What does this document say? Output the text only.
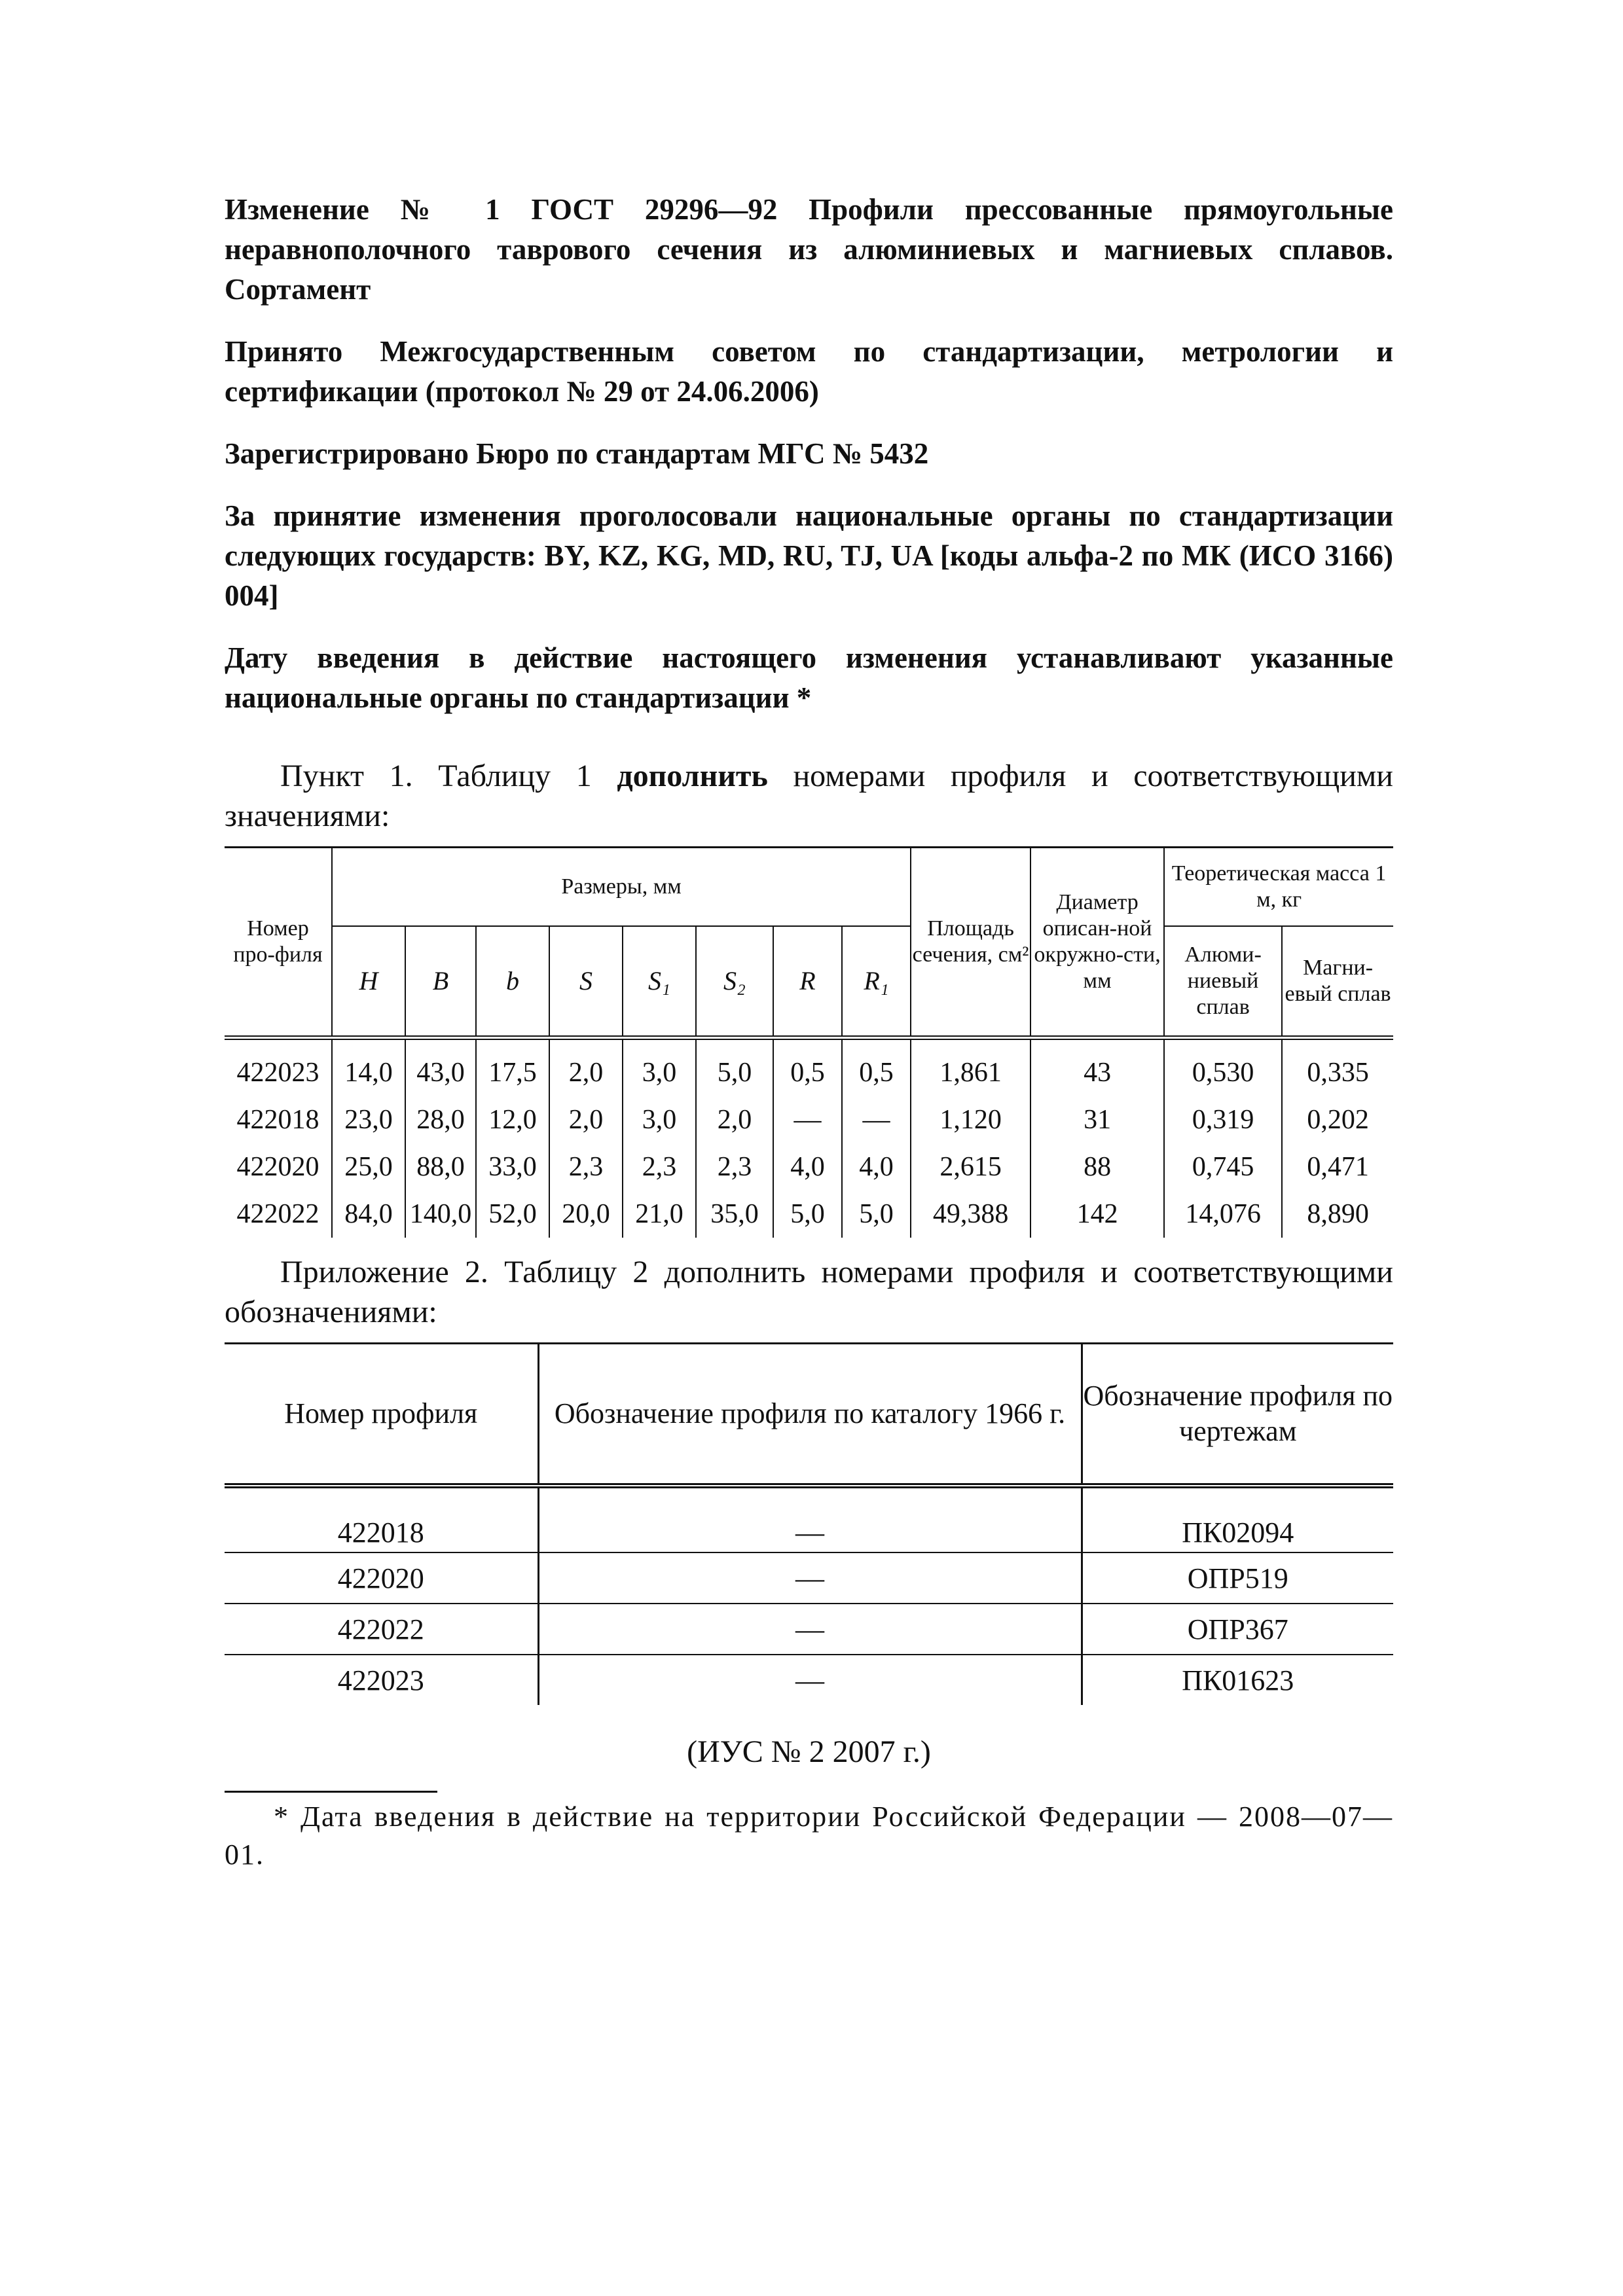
Изменение № 1 ГОСТ 29296—92 Профили прессованные прямоугольные неравнополочного таврового сечения из алюминиевых и магниевых сплавов. Сортамент

Принято Межгосударственным советом по стандартизации, метрологии и сертификации (протокол № 29 от 24.06.2006)

Зарегистрировано Бюро по стандартам МГС № 5432

За принятие изменения проголосовали национальные органы по стандартизации следующих государств: BY, KZ, KG, MD, RU, TJ, UA [коды альфа-2 по МК (ИСО 3166) 004]

Дату введения в действие настоящего изменения устанавливают указанные национальные органы по стандартизации *

Пункт 1. Таблицу 1 дополнить номерами профиля и соответствующими значениями:

Номер про-филя	Размеры, мм								Площадь сечения, см²	Диаметр описан-ной окружно-сти, мм	Теоретическая масса 1 м, кг	
	H	B	b	S	S₁	S₂	R	R₁			Алюми-ниевый сплав	Магни-евый сплав
422023	14,0	43,0	17,5	2,0	3,0	5,0	0,5	0,5	1,861	43	0,530	0,335
422018	23,0	28,0	12,0	2,0	3,0	2,0	—	—	1,120	31	0,319	0,202
422020	25,0	88,0	33,0	2,3	2,3	2,3	4,0	4,0	2,615	88	0,745	0,471
422022	84,0	140,0	52,0	20,0	21,0	35,0	5,0	5,0	49,388	142	14,076	8,890

Приложение 2. Таблицу 2 дополнить номерами профиля и соответствующими обозначениями:

Номер профиля	Обозначение профиля по каталогу 1966 г.	Обозначение профиля по чертежам
422018	—	ПК02094
422020	—	ОПР519
422022	—	ОПР367
422023	—	ПК01623
(ИУС № 2 2007 г.)

* Дата введения в действие на территории Российской Федерации — 2008—07—01.
